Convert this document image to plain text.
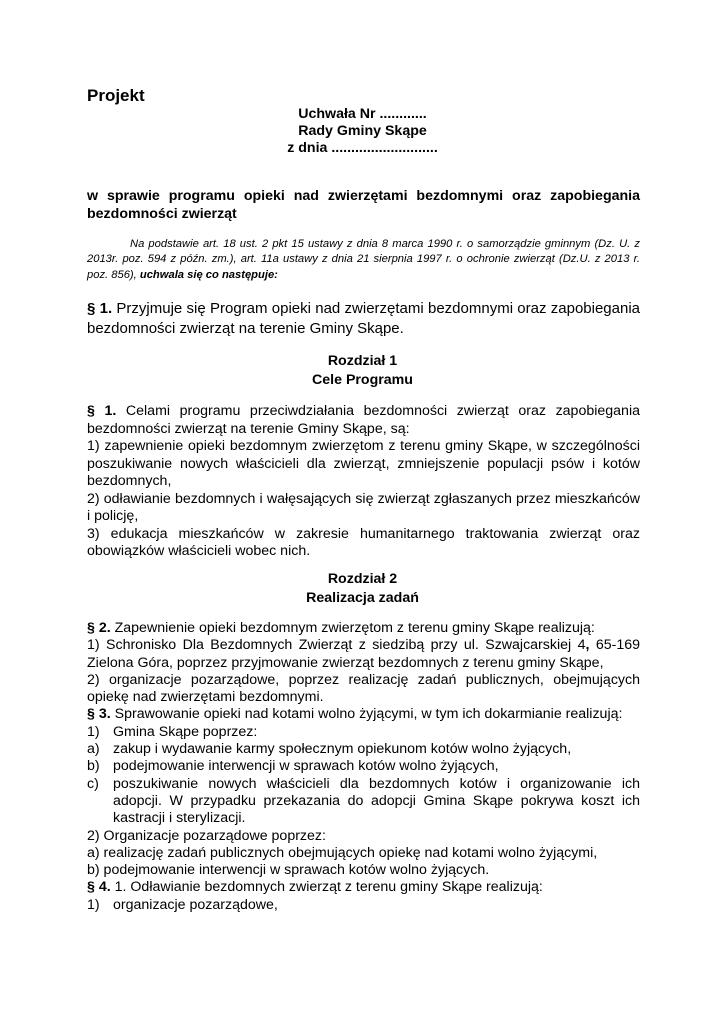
Projekt
Uchwała Nr ............
Rady Gminy Skąpe
z dnia ...........................
w sprawie programu opieki nad zwierzętami bezdomnymi oraz zapobiegania bezdomności zwierząt
Na podstawie art. 18 ust. 2 pkt 15 ustawy z dnia 8 marca 1990 r. o samorządzie gminnym (Dz. U. z 2013r. poz. 594 z późn. zm.), art. 11a ustawy z dnia 21 sierpnia 1997 r. o ochronie zwierząt (Dz.U. z 2013 r. poz. 856), uchwala się co następuje:
§ 1. Przyjmuje się Program opieki nad zwierzętami bezdomnymi oraz zapobiegania bezdomności zwierząt na terenie Gminy Skąpe.
Rozdział 1
Cele Programu

§ 1. Celami programu przeciwdziałania bezdomności zwierząt oraz zapobiegania bezdomności zwierząt na terenie Gminy Skąpe, są:

1) zapewnienie opieki bezdomnym zwierzętom z terenu gminy Skąpe, w szczególności poszukiwanie nowych właścicieli dla zwierząt, zmniejszenie populacji psów i kotów bezdomnych,

2) odławianie bezdomnych i wałęsających się zwierząt zgłaszanych przez mieszkańców i policję,

3) edukacja mieszkańców w zakresie humanitarnego traktowania zwierząt oraz obowiązków właścicieli wobec nich.

Rozdział 2
Realizacja zadań

§ 2. Zapewnienie opieki bezdomnym zwierzętom z terenu gminy Skąpe realizują:

1) Schronisko Dla Bezdomnych Zwierząt z siedzibą przy ul. Szwajcarskiej 4, 65-169 Zielona Góra, poprzez przyjmowanie zwierząt bezdomnych z terenu gminy Skąpe,

2) organizacje pozarządowe, poprzez realizację zadań publicznych, obejmujących opiekę nad zwierzętami bezdomnymi.

§ 3. Sprawowanie opieki nad kotami wolno żyjącymi, w tym ich dokarmianie realizują:

1) Gmina Skąpe poprzez:

a) zakup i wydawanie karmy społecznym opiekunom kotów wolno żyjących,

b) podejmowanie interwencji w sprawach kotów wolno żyjących,

c) poszukiwanie nowych właścicieli dla bezdomnych kotów i organizowanie ich adopcji. W przypadku przekazania do adopcji Gmina Skąpe pokrywa koszt ich kastracji i sterylizacji.

2) Organizacje pozarządowe poprzez:

a) realizację zadań publicznych obejmujących opiekę nad kotami wolno żyjącymi,

b) podejmowanie interwencji w sprawach kotów wolno żyjących.

§ 4. 1. Odławianie bezdomnych zwierząt z terenu gminy Skąpe realizują:

1) organizacje pozarządowe,
